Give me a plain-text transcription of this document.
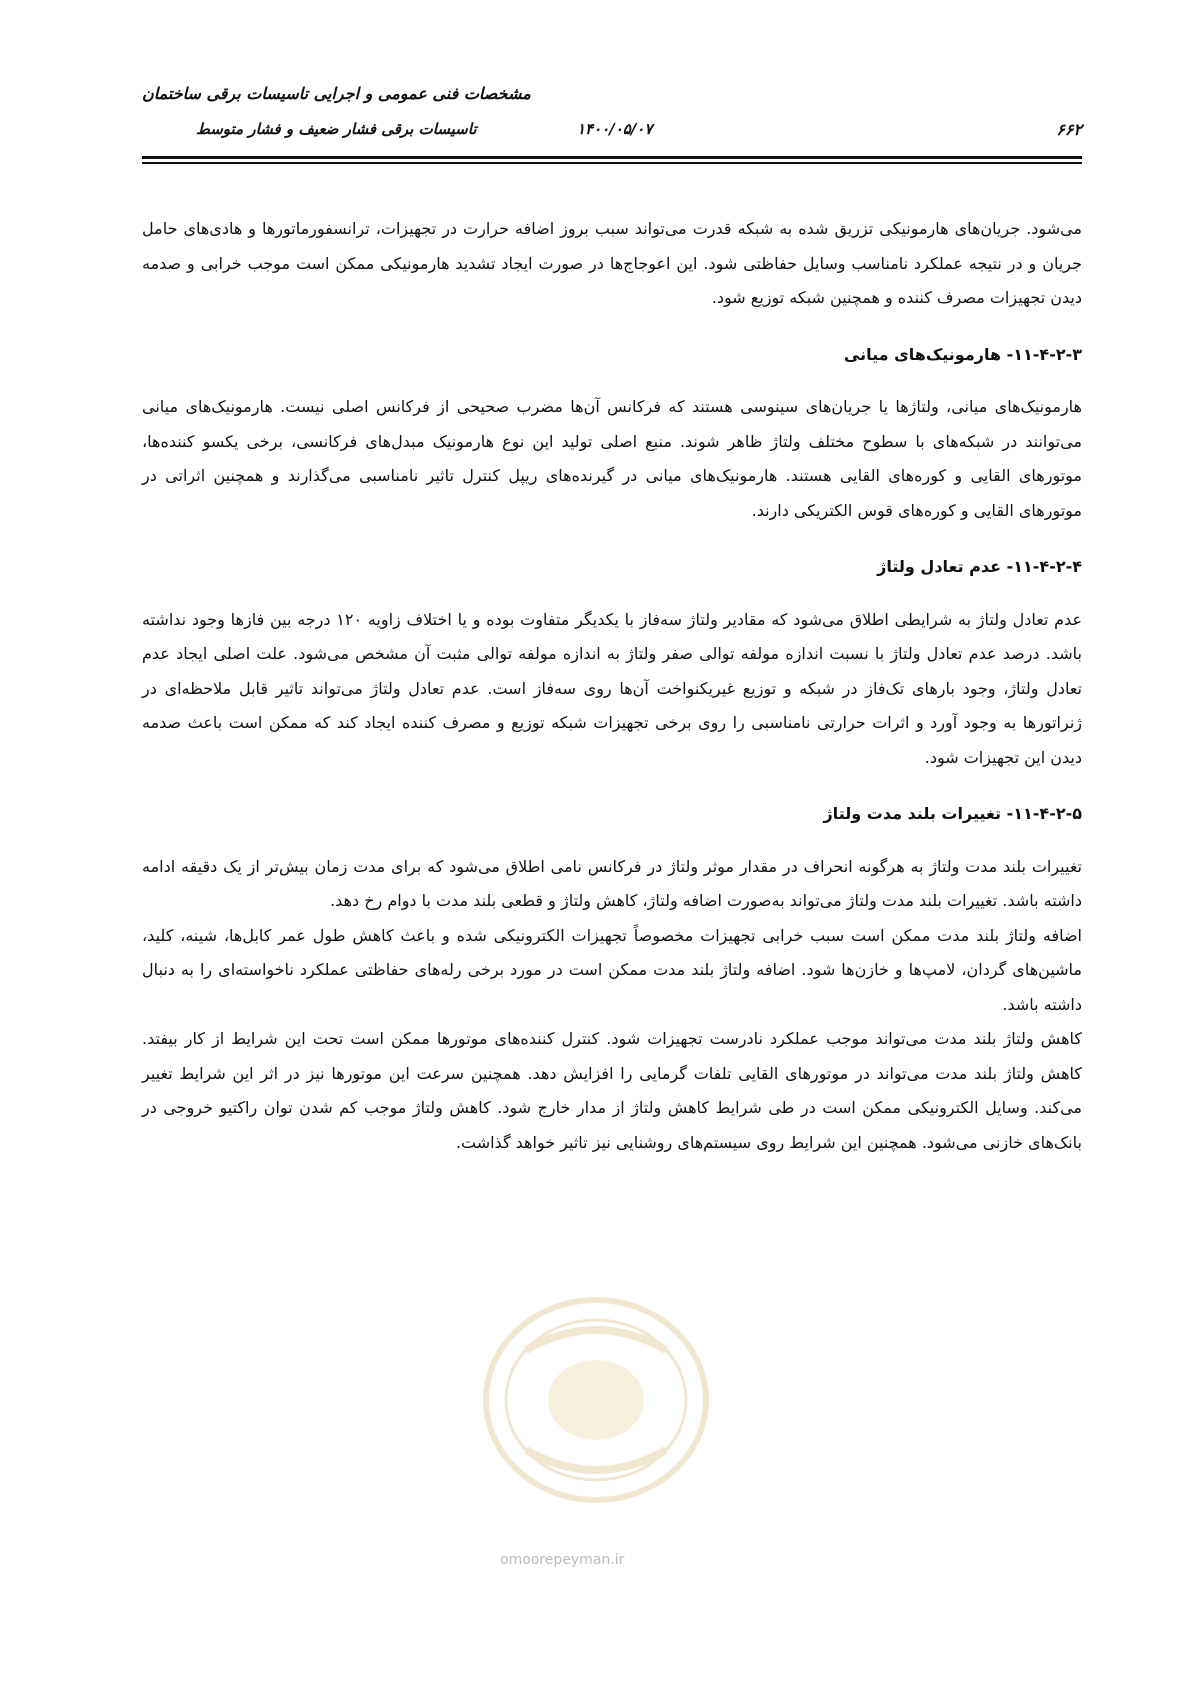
مشخصات فنی عمومی و اجرایی تاسیسات برقی ساختمان
تاسیسات برقی فشار ضعیف و فشار متوسط	۱۴۰۰/۰۵/۰۷	۶۶۲

می‌شود. جریان‌های هارمونیکی تزریق شده به شبکه قدرت می‌تواند سبب بروز اضافه حرارت در تجهیزات، ترانسفورماتورها و هادی‌های حامل جریان و در نتیجه عملکرد نامناسب وسایل حفاظتی شود. این اعوجاج‌ها در صورت ایجاد تشدید هارمونیکی ممکن است موجب خرابی و صدمه دیدن تجهیزات مصرف کننده و همچنین شبکه توزیع شود.

۱۱-۴-۲-۳- هارمونیک‌های میانی

هارمونیک‌های میانی، ولتاژها یا جریان‌های سینوسی هستند که فرکانس آن‌ها مضرب صحیحی از فرکانس اصلی نیست. هارمونیک‌های میانی می‌توانند در شبکه‌های با سطوح مختلف ولتاژ ظاهر شوند. منبع اصلی تولید این نوع هارمونیک مبدل‌های فرکانسی، برخی یکسو کننده‌ها، موتورهای القایی و کوره‌های القایی هستند. هارمونیک‌های میانی در گیرنده‌های ریپل کنترل تاثیر نامناسبی می‌گذارند و همچنین اثراتی در موتورهای القایی و کوره‌های قوس الکتریکی دارند.

۱۱-۴-۲-۴- عدم تعادل ولتاژ

عدم تعادل ولتاژ به شرایطی اطلاق می‌شود که مقادیر ولتاژ سه‌فاز با یکدیگر متفاوت بوده و یا اختلاف زاویه ۱۲۰ درجه بین فازها وجود نداشته باشد. درصد عدم تعادل ولتاژ با نسبت اندازه مولفه توالی صفر ولتاژ به اندازه مولفه توالی مثبت آن مشخص می‌شود. علت اصلی ایجاد عدم تعادل ولتاژ، وجود بارهای تک‌فاز در شبکه و توزیع غیریکنواخت آن‌ها روی سه‌فاز است. عدم تعادل ولتاژ می‌تواند تاثیر قابل ملاحظه‌ای در ژنراتورها به وجود آورد و اثرات حرارتی نامناسبی را روی برخی تجهیزات شبکه توزیع و مصرف کننده ایجاد کند که ممکن است باعث صدمه دیدن این تجهیزات شود.

۱۱-۴-۲-۵- تغییرات بلند مدت ولتاژ

تغییرات بلند مدت ولتاژ به هرگونه انحراف در مقدار موثر ولتاژ در فرکانس نامی اطلاق می‌شود که برای مدت زمان بیش‌تر از یک دقیقه ادامه داشته باشد. تغییرات بلند مدت ولتاژ می‌تواند به‌صورت اضافه ولتاژ، کاهش ولتاژ و قطعی بلند مدت با دوام رخ دهد.

اضافه ولتاژ بلند مدت ممکن است سبب خرابی تجهیزات مخصوصاً تجهیزات الکترونیکی شده و باعث کاهش طول عمر کابل‌ها، شینه، کلید، ماشین‌های گردان، لامپ‌ها و خازن‌ها شود. اضافه ولتاژ بلند مدت ممکن است در مورد برخی رله‌های حفاظتی عملکرد ناخواسته‌ای را به دنبال داشته باشد.

کاهش ولتاژ بلند مدت می‌تواند موجب عملکرد نادرست تجهیزات شود. کنترل کننده‌های موتورها ممکن است تحت این شرایط از کار بیفتد. کاهش ولتاژ بلند مدت می‌تواند در موتورهای القایی تلفات گرمایی را افزایش دهد. همچنین سرعت این موتورها نیز در اثر این شرایط تغییر می‌کند. وسایل الکترونیکی ممکن است در طی شرایط کاهش ولتاژ از مدار خارج شود. کاهش ولتاژ موجب کم شدن توان راکتیو خروجی در بانک‌های خازنی می‌شود. همچنین این شرایط روی سیستم‌های روشنایی نیز تاثیر خواهد گذاشت.

omoorepeyman.ir
